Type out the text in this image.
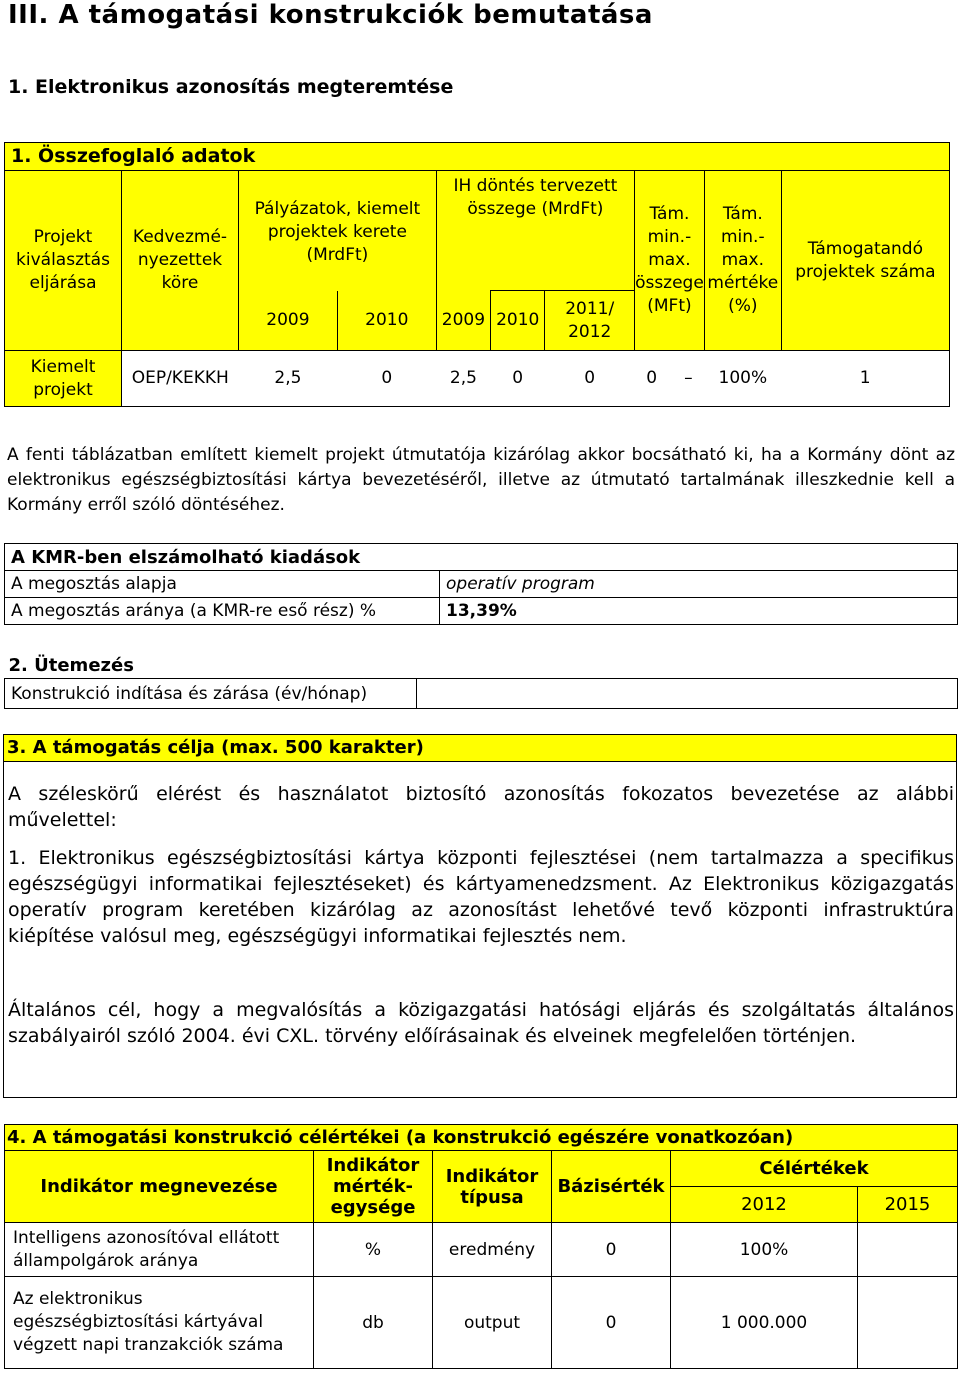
III. A támogatási konstrukciók bemutatása
1. Elektronikus azonosítás megteremtése
1. Összefoglaló adatok									
Projekt kiválasztás eljárása	Kedvezmé-nyezettek köre	Pályázatok, kiemelt projektek kerete (MrdFt)		IH döntés tervezett összege (MrdFt)			Tám. min.-max. összege (MFt)	Tám. min.-max. mértéke (%)	Támogatandó projektek száma
		2009	2010	2009	2010	2011/ 2012			
Kiemelt projekt	OEP/KEKKH	2,5	0	2,5	0	0	0 –	100%	1
A fenti táblázatban említett kiemelt projekt útmutatója kizárólag akkor bocsátható ki, ha a Kormány dönt az elektronikus egészségbiztosítási kártya bevezetéséről, illetve az útmutató tartalmának illeszkednie kell a Kormány erről szóló döntéséhez.
A KMR-ben elszámolható kiadások	
A megosztás alapja	operatív program
A megosztás aránya (a KMR-re eső rész) %	13,39%
2. Ütemezés
Konstrukció indítása és zárása (év/hónap)	
3. A támogatás célja (max. 500 karakter)
A széleskörű elérést és használatot biztosító azonosítás fokozatos bevezetése az alábbi művelettel:
1. Elektronikus egészségbiztosítási kártya központi fejlesztései (nem tartalmazza a specifikus egészségügyi informatikai fejlesztéseket) és kártyamenedzsment. Az Elektronikus közigazgatás operatív program keretében kizárólag az azonosítást lehetővé tevő központi infrastruktúra kiépítése valósul meg, egészségügyi informatikai fejlesztés nem.
Általános cél, hogy a megvalósítás a közigazgatási hatósági eljárás és szolgáltatás általános szabályairól szóló 2004. évi CXL. törvény előírásainak és elveinek megfelelően történjen.
4. A támogatási konstrukció célértékei (a konstrukció egészére vonatkozóan)					
Indikátor megnevezése	Indikátor mérték-egysége	Indikátor típusa	Bázisérték	Célértékek	
				2012	2015
Intelligens azonosítóval ellátott állampolgárok aránya	%	eredmény	0	100%	
Az elektronikus egészségbiztosítási kártyával végzett napi tranzakciók száma	db	output	0	1 000.000	
